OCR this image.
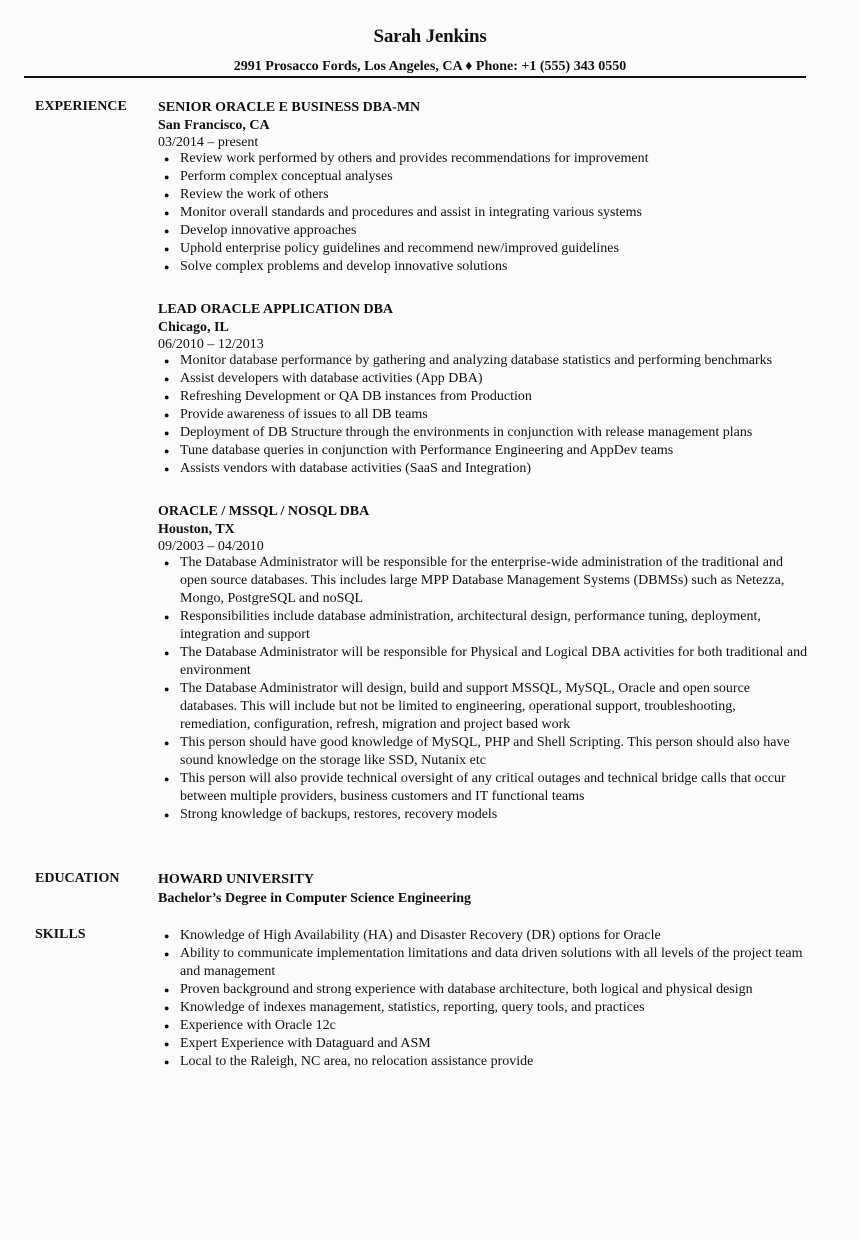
Sarah Jenkins
2991 Prosacco Fords, Los Angeles, CA ♦ Phone: +1 (555) 343 0550
EXPERIENCE SENIOR ORACLE E BUSINESS DBA-MN
San Francisco, CA
03/2014 – present
● Review work performed by others and provides recommendations for improvement
● Perform complex conceptual analyses
● Review the work of others
● Monitor overall standards and procedures and assist in integrating various systems
● Develop innovative approaches
● Uphold enterprise policy guidelines and recommend new/improved guidelines
● Solve complex problems and develop innovative solutions
LEAD ORACLE APPLICATION DBA
Chicago, IL
06/2010 – 12/2013
● Monitor database performance by gathering and analyzing database statistics and performing benchmarks
● Assist developers with database activities (App DBA)
● Refreshing Development or QA DB instances from Production
● Provide awareness of issues to all DB teams
● Deployment of DB Structure through the environments in conjunction with release management plans
● Tune database queries in conjunction with Performance Engineering and AppDev teams
● Assists vendors with database activities (SaaS and Integration)
ORACLE / MSSQL / NOSQL DBA
Houston, TX
09/2003 – 04/2010
● The Database Administrator will be responsible for the enterprise-wide administration of the traditional and open source databases. This includes large MPP Database Management Systems (DBMSs) such as Netezza, Mongo, PostgreSQL and noSQL
● Responsibilities include database administration, architectural design, performance tuning, deployment, integration and support
● The Database Administrator will be responsible for Physical and Logical DBA activities for both traditional and environment
● The Database Administrator will design, build and support MSSQL, MySQL, Oracle and open source databases. This will include but not be limited to engineering, operational support, troubleshooting, remediation, configuration, refresh, migration and project based work
● This person should have good knowledge of MySQL, PHP and Shell Scripting. This person should also have sound knowledge on the storage like SSD, Nutanix etc
● This person will also provide technical oversight of any critical outages and technical bridge calls that occur between multiple providers, business customers and IT functional teams
● Strong knowledge of backups, restores, recovery models
EDUCATION	HOWARD UNIVERSITY
Bachelor’s Degree in Computer Science Engineering
SKILLS	● Knowledge of High Availability (HA) and Disaster Recovery (DR) options for Oracle
● Ability to communicate implementation limitations and data driven solutions with all levels of the project team and management
● Proven background and strong experience with database architecture, both logical and physical design
● Knowledge of indexes management, statistics, reporting, query tools, and practices
● Experience with Oracle 12c
● Expert Experience with Dataguard and ASM
● Local to the Raleigh, NC area, no relocation assistance provide
